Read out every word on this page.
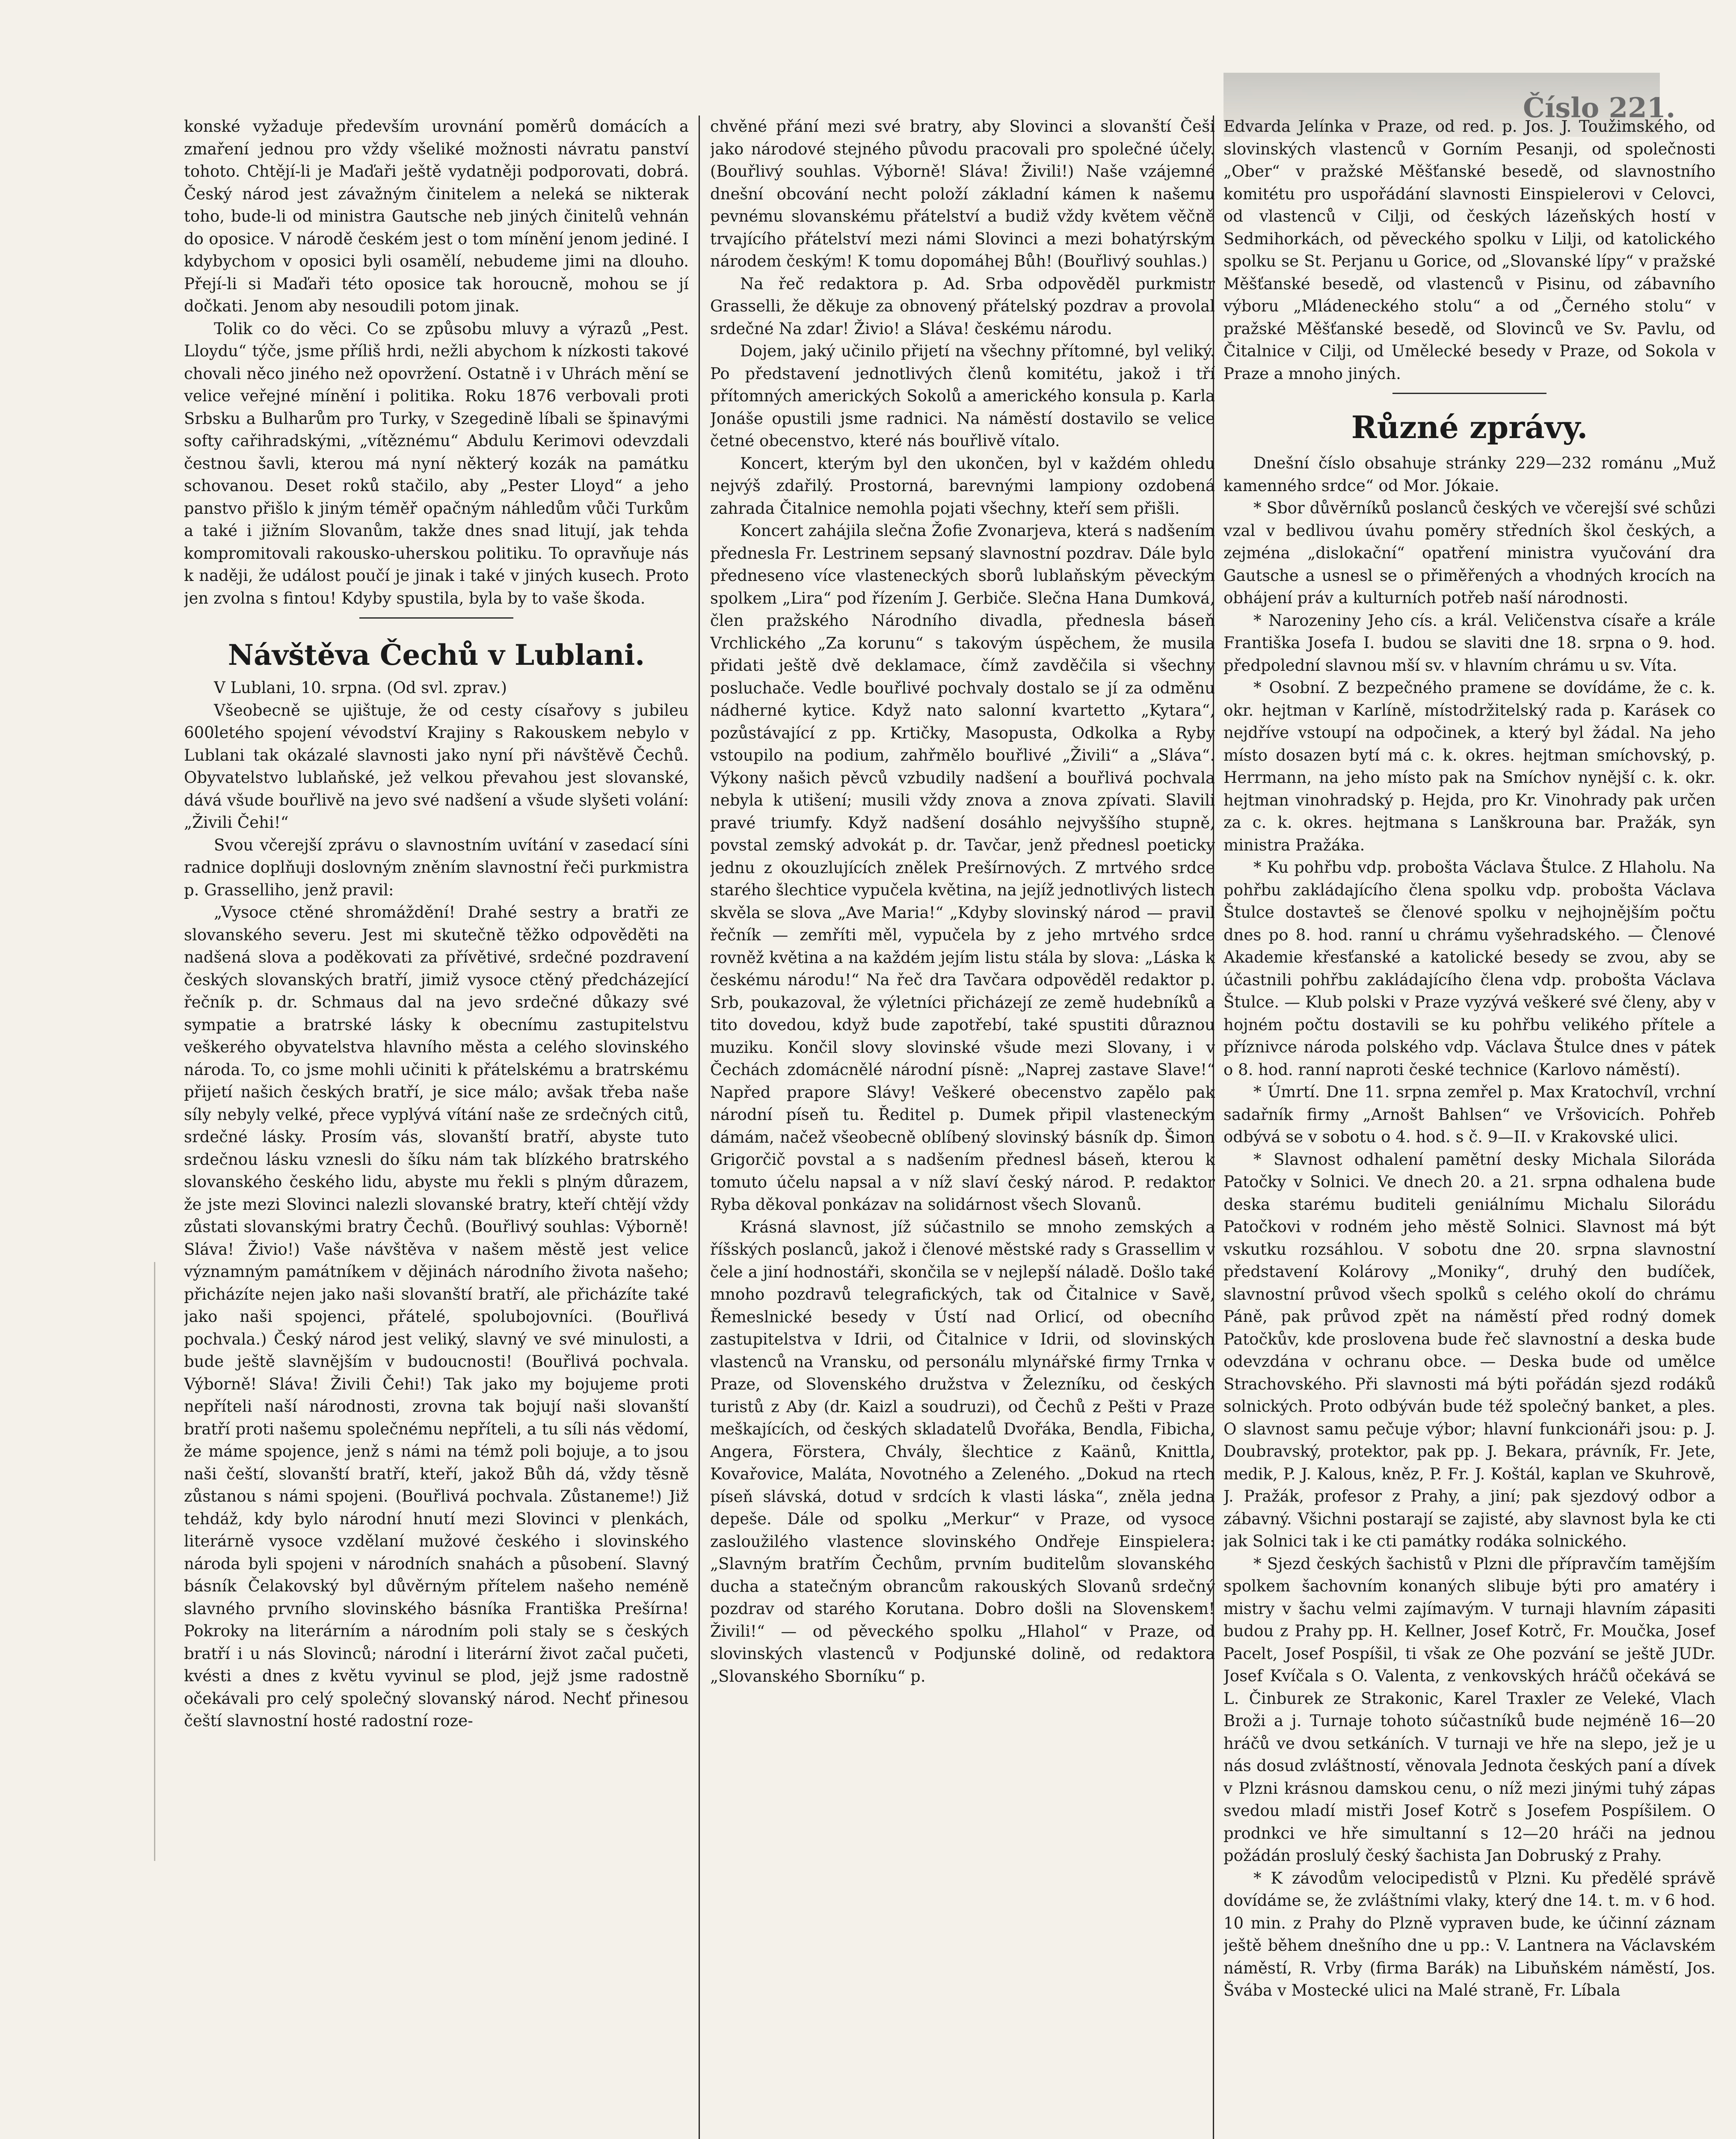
Číslo 221.

konské vyžaduje především urovnání poměrů domácích a zmaření jednou pro vždy všeliké možnosti návratu panství tohoto. Chtějí-li je Maďaři ještě vydatněji podporovati, dobrá. Český národ jest závažným činitelem a neleká se nikterak toho, bude-li od ministra Gautsche neb jiných činitelů vehnán do oposice. V národě českém jest o tom mínění jenom jediné. I kdybychom v oposici byli osamělí, nebudeme jimi na dlouho. Přejí-li si Maďaři této oposice tak horoucně, mohou se jí dočkati. Jenom aby nesoudili potom jinak.

Tolik co do věci. Co se způsobu mluvy a výrazů „Pest. Lloydu“ týče, jsme příliš hrdi, nežli abychom k nízkosti takové chovali něco jiného než opovržení. Ostatně i v Uhrách mění se velice veřejné mínění i politika. Roku 1876 verbovali proti Srbsku a Bulharům pro Turky, v Szegedině líbali se špinavými softy cařihradskými, „vítěznému“ Abdulu Kerimovi odevzdali čestnou šavli, kterou má nyní některý kozák na památku schovanou. Deset roků stačilo, aby „Pester Lloyd“ a jeho panstvo přišlo k jiným téměř opačným náhledům vůči Turkům a také i jižním Slovanům, takže dnes snad litují, jak tehda kompromitovali rakousko-uherskou politiku. To opravňuje nás k naději, že událost poučí je jinak i také v jiných kusech. Proto jen zvolna s fintou! Kdyby spustila, byla by to vaše škoda.

Návštěva Čechů v Lublani.

V Lublani, 10. srpna. (Od svl. zprav.)

Všeobecně se ujištuje, že od cesty císařovy s jubileu 600letého spojení vévodství Krajiny s Rakouskem nebylo v Lublani tak okázalé slavnosti jako nyní při návštěvě Čechů. Obyvatelstvo lublaňské, jež velkou převahou jest slovanské, dává všude bouřlivě na jevo své nadšení a všude slyšeti volání: „Živili Čehi!“

Svou včerejší zprávu o slavnostním uvítání v zasedací síni radnice doplňuji doslovným zněním slavnostní řeči purkmistra p. Grasselliho, jenž pravil:

„Vysoce ctěné shromáždění! Drahé sestry a bratři ze slovanského severu. Jest mi skutečně těžko odpověděti na nadšená slova a poděkovati za přívětivé, srdečné pozdravení českých slovanských bratří, jimiž vysoce ctěný předcházející řečník p. dr. Schmaus dal na jevo srdečné důkazy své sympatie a bratrské lásky k obecnímu zastupitelstvu veškerého obyvatelstva hlavního města a celého slovinského národa. To, co jsme mohli učiniti k přátelskému a bratrskému přijetí našich českých bratří, je sice málo; avšak třeba naše síly nebyly velké, přece vyplývá vítání naše ze srdečných citů, srdečné lásky. Prosím vás, slovanští bratří, abyste tuto srdečnou lásku vznesli do šíku nám tak blízkého bratrského slovanského českého lidu, abyste mu řekli s plným důrazem, že jste mezi Slovinci nalezli slovanské bratry, kteří chtějí vždy zůstati slovanskými bratry Čechů. (Bouřlivý souhlas: Výborně! Sláva! Živio!) Vaše návštěva v našem městě jest velice významným památníkem v dějinách národního života našeho; přicházíte nejen jako naši slovanští bratří, ale přicházíte také jako naši spojenci, přátelé, spolubojovníci. (Bouřlivá pochvala.) Český národ jest veliký, slavný ve své minulosti, a bude ještě slavnějším v budoucnosti! (Bouřlivá pochvala. Výborně! Sláva! Živili Čehi!) Tak jako my bojujeme proti nepříteli naší národnosti, zrovna tak bojují naši slovanští bratří proti našemu společnému nepříteli, a tu síli nás vědomí, že máme spojence, jenž s námi na témž poli bojuje, a to jsou naši čeští, slovanští bratří, kteří, jakož Bůh dá, vždy těsně zůstanou s námi spojeni. (Bouřlivá pochvala. Zůstaneme!) Již tehdáž, kdy bylo národní hnutí mezi Slovinci v plenkách, literárně vysoce vzdělaní mužové českého i slovinského národa byli spojeni v národních snahách a působení. Slavný básník Čelakovský byl důvěrným přítelem našeho neméně slavného prvního slovinského básníka Františka Prešírna! Pokroky na literárním a národním poli staly se s českých bratří i u nás Slovinců; národní i literární život začal pučeti, kvésti a dnes z květu vyvinul se plod, jejž jsme radostně očekávali pro celý společný slovanský národ. Nechť přinesou čeští slavnostní hosté radostní roze-

chvěné přání mezi své bratry, aby Slovinci a slovanští Češi jako národové stejného původu pracovali pro společné účely. (Bouřlivý souhlas. Výborně! Sláva! Živili!) Naše vzájemné dnešní obcování necht položí základní kámen k našemu pevnému slovanskému přátelství a budiž vždy květem věčně trvajícího přátelství mezi námi Slovinci a mezi bohatýrským národem českým! K tomu dopomáhej Bůh! (Bouřlivý souhlas.)

Na řeč redaktora p. Ad. Srba odpověděl purkmistr Grasselli, že děkuje za obnovený přátelský pozdrav a provolal srdečné Na zdar! Živio! a Sláva! českému národu.

Dojem, jaký učinilo přijetí na všechny přítomné, byl veliký. Po představení jednotlivých členů komitétu, jakož i tří přítomných amerických Sokolů a amerického konsula p. Karla Jonáše opustili jsme radnici. Na náměstí dostavilo se velice četné obecenstvo, které nás bouřlivě vítalo.

Koncert, kterým byl den ukončen, byl v každém ohledu nejvýš zdařilý. Prostorná, barevnými lampiony ozdobená zahrada Čitalnice nemohla pojati všechny, kteří sem přišli.

Koncert zahájila slečna Žofie Zvonarjeva, která s nadšením přednesla Fr. Lestrinem sepsaný slavnostní pozdrav. Dále bylo předneseno více vlasteneckých sborů lublaňským pěveckým spolkem „Lira“ pod řízením J. Gerbiče. Slečna Hana Dumková, člen pražského Národního divadla, přednesla báseň Vrchlického „Za korunu“ s takovým úspěchem, že musila přidati ještě dvě deklamace, čímž zavděčila si všechny posluchače. Vedle bouřlivé pochvaly dostalo se jí za odměnu nádherné kytice. Když nato salonní kvartetto „Kytara“, pozůstávající z pp. Krtičky, Masopusta, Odkolka a Ryby vstoupilo na podium, zahřmělo bouřlivé „Živili“ a „Sláva“. Výkony našich pěvců vzbudily nadšení a bouřlivá pochvala nebyla k utišení; musili vždy znova a znova zpívati. Slavili pravé triumfy. Když nadšení dosáhlo nejvyššího stupně, povstal zemský advokát p. dr. Tavčar, jenž přednesl poeticky jednu z okouzlujících znělek Prešírnových. Z mrtvého srdce starého šlechtice vypučela květina, na jejíž jednotlivých listech skvěla se slova „Ave Maria!“ „Kdyby slovinský národ — pravil řečník — zemříti měl, vypučela by z jeho mrtvého srdce rovněž květina a na každém jejím listu stála by slova: „Láska k českému národu!“ Na řeč dra Tavčara odpověděl redaktor p. Srb, poukazoval, že výletníci přicházejí ze země hudebníků a tito dovedou, když bude zapotřebí, také spustiti důraznou muziku. Končil slovy slovinské všude mezi Slovany, i v Čechách zdomácnělé národní písně: „Naprej zastave Slave!“ Napřed prapore Slávy! Veškeré obecenstvo zapělo pak národní píseň tu. Ředitel p. Dumek připil vlasteneckým dámám, načež všeobecně oblíbený slovinský básník dp. Šimon Grigorčič povstal a s nadšením přednesl báseň, kterou k tomuto účelu napsal a v níž slaví český národ. P. redaktor Ryba děkoval ponkázav na solidárnost všech Slovanů.

Krásná slavnost, jíž súčastnilo se mnoho zemských a říšských poslanců, jakož i členové městské rady s Grassellim v čele a jiní hodnostáři, skončila se v nejlepší náladě. Došlo také mnoho pozdravů telegrafických, tak od Čitalnice v Savě, Řemeslnické besedy v Ústí nad Orlicí, od obecního zastupitelstva v Idrii, od Čitalnice v Idrii, od slovinských vlastenců na Vransku, od personálu mlynářské firmy Trnka v Praze, od Slovenského družstva v Železníku, od českých turistů z Aby (dr. Kaizl a soudruzi), od Čechů z Pešti v Praze meškajících, od českých skladatelů Dvořáka, Bendla, Fibicha, Angera, Förstera, Chvály, šlechtice z Kaänů, Knittla, Kovařovice, Maláta, Novotného a Zeleného. „Dokud na rtech píseň slávská, dotud v srdcích k vlasti láska“, zněla jedna depeše. Dále od spolku „Merkur“ v Praze, od vysoce zasloužilého vlastence slovinského Ondřeje Einspielera: „Slavným bratřím Čechům, prvním buditelům slovanského ducha a statečným obrancům rakouských Slovanů srdečný pozdrav od starého Korutana. Dobro došli na Slovenskem! Živili!“ — od pěveckého spolku „Hlahol“ v Praze, od slovinských vlastenců v Podjunské dolině, od redaktora „Slovanského Sborníku“ p.

Edvarda Jelínka v Praze, od red. p. Jos. J. Toužimského, od slovinských vlastenců v Gorním Pesanji, od společnosti „Ober“ v pražské Měšťanské besedě, od slavnostního komitétu pro uspořádání slavnosti Einspielerovi v Celovci, od vlastenců v Cilji, od českých lázeňských hostí v Sedmihorkách, od pěveckého spolku v Lilji, od katolického spolku se St. Perjanu u Gorice, od „Slovanské lípy“ v pražské Měšťanské besedě, od vlastenců v Pisinu, od zábavního výboru „Mládeneckého stolu“ a od „Černého stolu“ v pražské Měšťanské besedě, od Slovinců ve Sv. Pavlu, od Čitalnice v Cilji, od Umělecké besedy v Praze, od Sokola v Praze a mnoho jiných.

Různé zprávy.

Dnešní číslo obsahuje stránky 229—232 románu „Muž kamenného srdce“ od Mor. Jókaie.

* Sbor důvěrníků poslanců českých ve včerejší své schůzi vzal v bedlivou úvahu poměry středních škol českých, a zejména „dislokační“ opatření ministra vyučování dra Gautsche a usnesl se o přiměřených a vhodných krocích na obhájení práv a kulturních potřeb naší národnosti.

* Narozeniny Jeho cís. a král. Veličenstva císaře a krále Františka Josefa I. budou se slaviti dne 18. srpna o 9. hod. předpolední slavnou mší sv. v hlavním chrámu u sv. Víta.

* Osobní. Z bezpečného pramene se dovídáme, že c. k. okr. hejtman v Karlíně, místodržitelský rada p. Karásek co nejdříve vstoupí na odpočinek, a který byl žádal. Na jeho místo dosazen bytí má c. k. okres. hejtman smíchovský, p. Herrmann, na jeho místo pak na Smíchov nynější c. k. okr. hejtman vinohradský p. Hejda, pro Kr. Vinohrady pak určen za c. k. okres. hejtmana s Lanškrouna bar. Pražák, syn ministra Pražáka.

* Ku pohřbu vdp. probošta Václava Štulce. Z Hlaholu. Na pohřbu zakládajícího člena spolku vdp. probošta Václava Štulce dostavteš se členové spolku v nejhojnějším počtu dnes po 8. hod. ranní u chrámu vyšehradského. — Členové Akademie křesťanské a katolické besedy se zvou, aby se účastnili pohřbu zakládajícího člena vdp. probošta Václava Štulce. — Klub polski v Praze vyzývá veškeré své členy, aby v hojném počtu dostavili se ku pohřbu velikého přítele a příznivce národa polského vdp. Václava Štulce dnes v pátek o 8. hod. ranní naproti české technice (Karlovo náměstí).

* Úmrtí. Dne 11. srpna zemřel p. Max Kratochvíl, vrchní sadařník firmy „Arnošt Bahlsen“ ve Vršovicích. Pohřeb odbývá se v sobotu o 4. hod. s č. 9—II. v Krakovské ulici.

* Slavnost odhalení pamětní desky Michala Siloráda Patočky v Solnici. Ve dnech 20. a 21. srpna odhalena bude deska starému buditeli geniálnímu Michalu Silorádu Patočkovi v rodném jeho městě Solnici. Slavnost má být vskutku rozsáhlou. V sobotu dne 20. srpna slavnostní představení Kolárovy „Moniky“, druhý den budíček, slavnostní průvod všech spolků s celého okolí do chrámu Páně, pak průvod zpět na náměstí před rodný domek Patočkův, kde proslovena bude řeč slavnostní a deska bude odevzdána v ochranu obce. — Deska bude od umělce Strachovského. Při slavnosti má býti pořádán sjezd rodáků solnických. Proto odbýván bude též společný banket, a ples. O slavnost samu pečuje výbor; hlavní funkcionáři jsou: p. J. Doubravský, protektor, pak pp. J. Bekara, právník, Fr. Jete, medik, P. J. Kalous, kněz, P. Fr. J. Koštál, kaplan ve Skuhrově, J. Pražák, profesor z Prahy, a jiní; pak sjezdový odbor a zábavný. Všichni postarají se zajisté, aby slavnost byla ke cti jak Solnici tak i ke cti památky rodáka solnického.

* Sjezd českých šachistů v Plzni dle přípravčím tamějším spolkem šachovním konaných slibuje býti pro amatéry i mistry v šachu velmi zajímavým. V turnaji hlavním zápasiti budou z Prahy pp. H. Kellner, Josef Kotrč, Fr. Moučka, Josef Pacelt, Josef Pospíšil, ti však ze Ohe pozvání se ještě JUDr. Josef Kvíčala s O. Valenta, z venkovských hráčů očekává se L. Činburek ze Strakonic, Karel Traxler ze Veleké, Vlach Broži a j. Turnaje tohoto súčastníků bude nejméně 16—20 hráčů ve dvou setkáních. V turnaji ve hře na slepo, jež je u nás dosud zvláštností, věnovala Jednota českých paní a dívek v Plzni krásnou damskou cenu, o níž mezi jinými tuhý zápas svedou mladí mistři Josef Kotrč s Josefem Pospíšilem. O prodnkci ve hře simultanní s 12—20 hráči na jednou požádán proslulý český šachista Jan Dobruský z Prahy.

* K závodům velocipedistů v Plzni. Ku předělé správě dovídáme se, že zvláštními vlaky, který dne 14. t. m. v 6 hod. 10 min. z Prahy do Plzně vypraven bude, ke účinní záznam ještě během dnešního dne u pp.: V. Lantnera na Václavském náměstí, R. Vrby (firma Barák) na Libuňském náměstí, Jos. Švába v Mostecké ulici na Malé straně, Fr. Líbala
